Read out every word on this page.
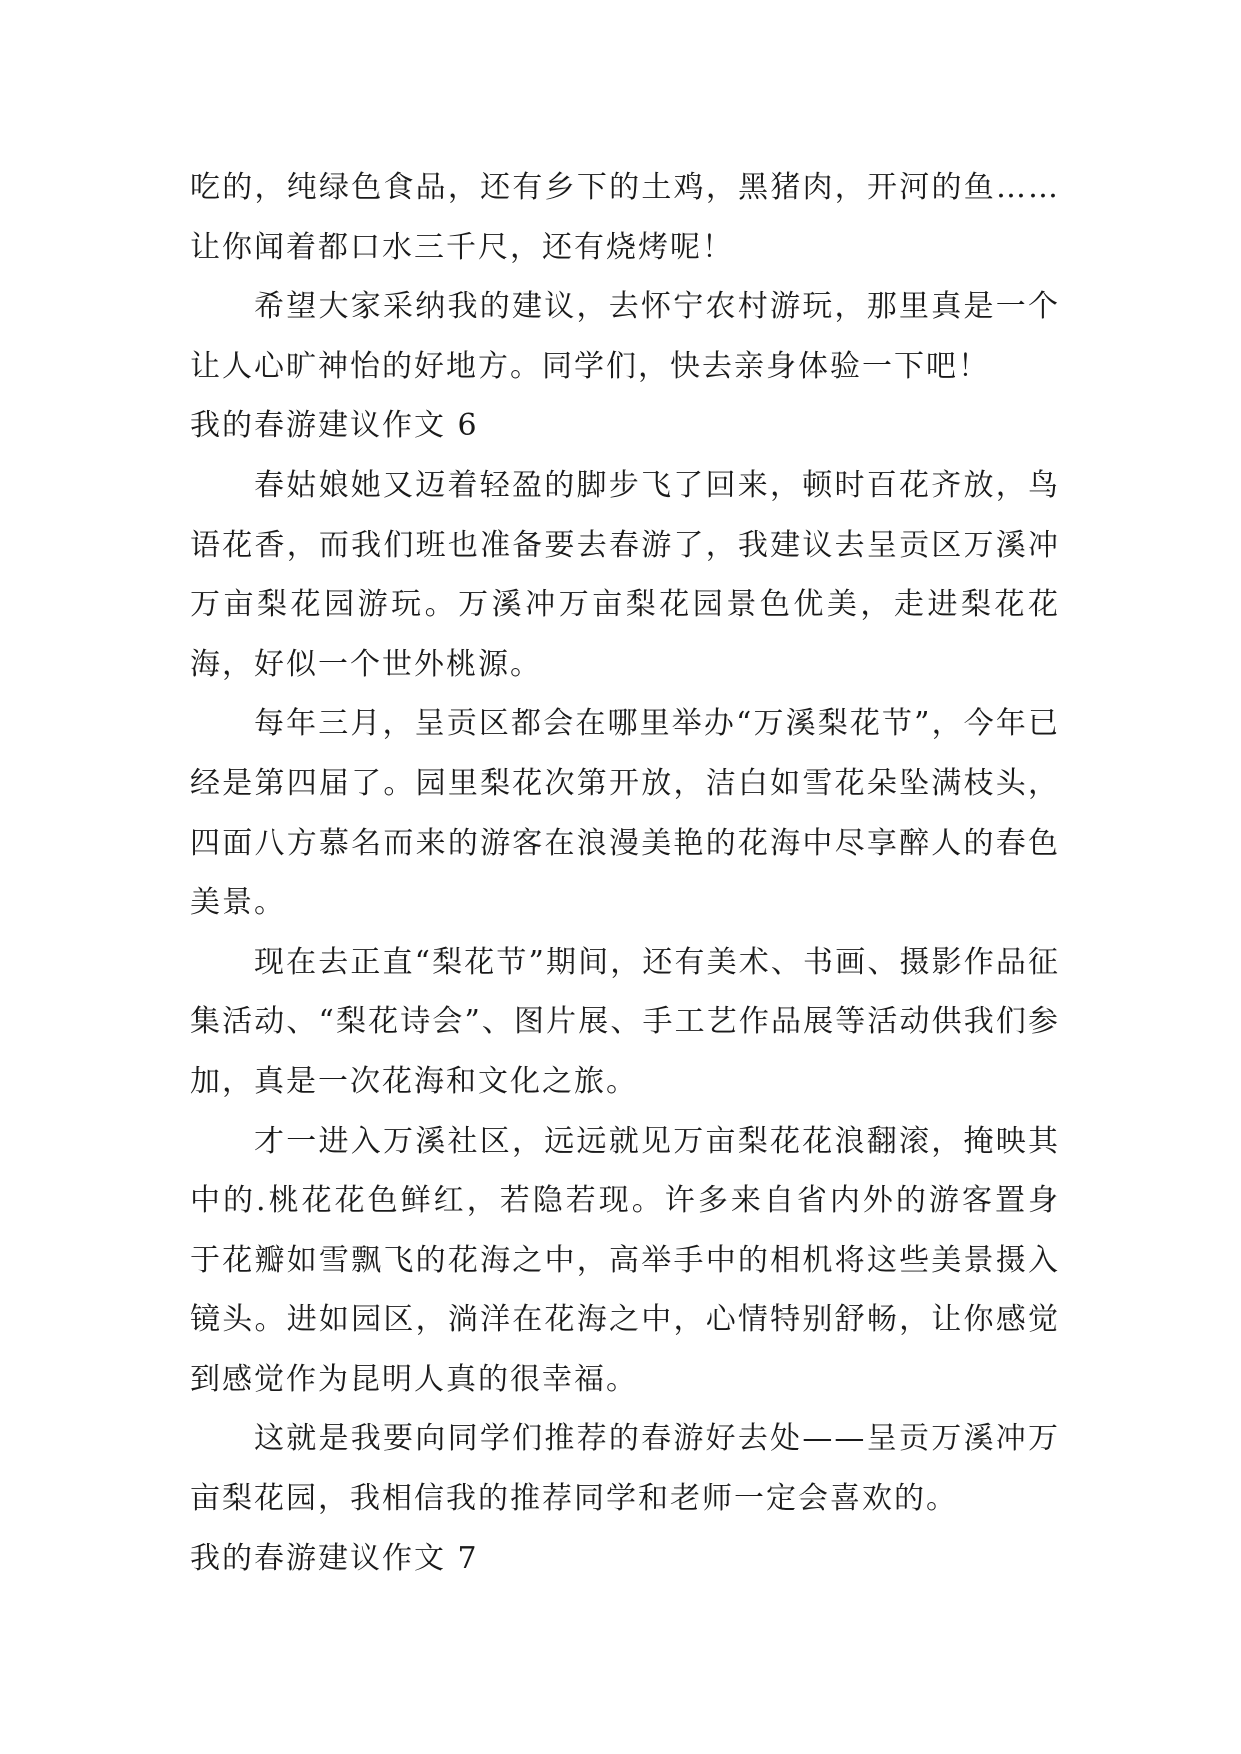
吃的，纯绿色食品，还有乡下的土鸡，黑猪肉，开河的鱼……让你闻着都口水三千尺，还有烧烤呢！

希望大家采纳我的建议，去怀宁农村游玩，那里真是一个让人心旷神怡的好地方。同学们，快去亲身体验一下吧！

我的春游建议作文 6

春姑娘她又迈着轻盈的脚步飞了回来，顿时百花齐放，鸟语花香，而我们班也准备要去春游了，我建议去呈贡区万溪冲万亩梨花园游玩。万溪冲万亩梨花园景色优美，走进梨花花海，好似一个世外桃源。

每年三月，呈贡区都会在哪里举办“万溪梨花节”，今年已经是第四届了。园里梨花次第开放，洁白如雪花朵坠满枝头，四面八方慕名而来的游客在浪漫美艳的花海中尽享醉人的春色美景。

现在去正直“梨花节”期间，还有美术、书画、摄影作品征集活动、“梨花诗会”、图片展、手工艺作品展等活动供我们参加，真是一次花海和文化之旅。

才一进入万溪社区，远远就见万亩梨花花浪翻滚，掩映其中的.桃花花色鲜红，若隐若现。许多来自省内外的游客置身于花瓣如雪飘飞的花海之中，高举手中的相机将这些美景摄入镜头。进如园区，淌洋在花海之中，心情特别舒畅，让你感觉到感觉作为昆明人真的很幸福。

这就是我要向同学们推荐的春游好去处——呈贡万溪冲万亩梨花园，我相信我的推荐同学和老师一定会喜欢的。

我的春游建议作文 7
